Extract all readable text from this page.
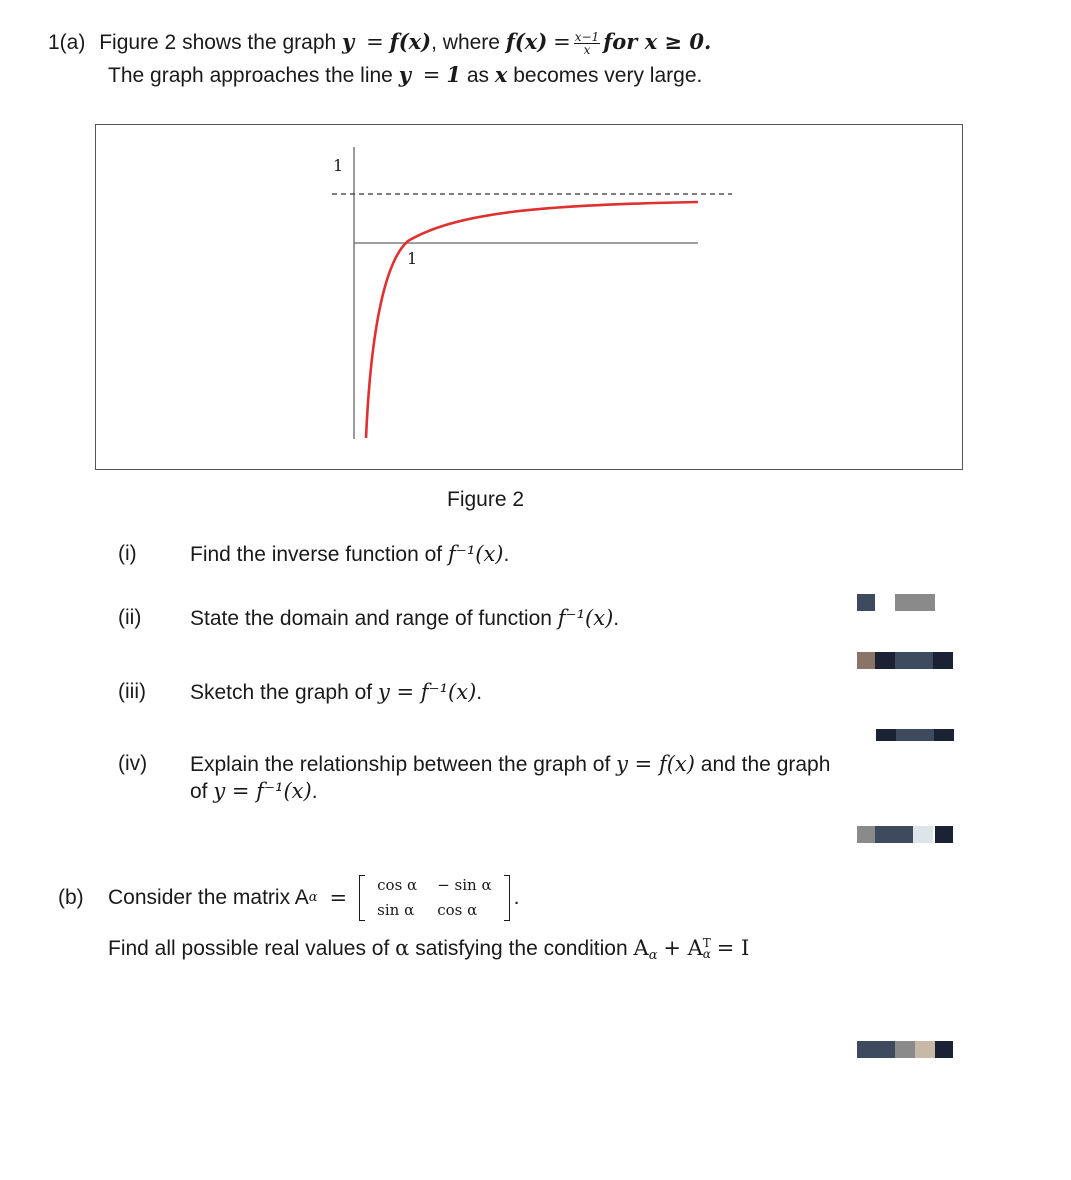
1(a) Figure 2 shows the graph y = f(x), where $f(x) = \frac{x-1}{x}$ for x ≥ 0.
The graph approaches the line y = 1 as x becomes very large.
1
1
Figure 2
(i)	Find the inverse function of f⁻¹(x).
(ii) State the domain and range of function f⁻¹(x).
(iii) Sketch the graph of y = f⁻¹(x).
(iv) Explain the relationship between the graph of y = f(x) and the graph
of y = f⁻¹(x).
(b) Consider the matrix A α =
cos α	− sin α
sin α	cos α
.
Find all possible real values of α satisfying the condition $A_\alpha + A$ T
α = I
